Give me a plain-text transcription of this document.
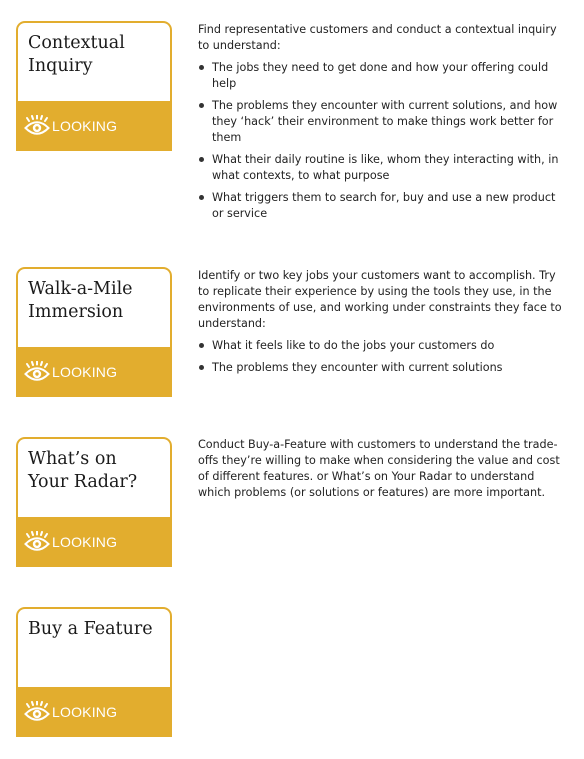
Contextual
Inquiry
LOOKING

Find representative customers and conduct a contextual inquiry to understand:

The jobs they need to get done and how your offering could help
The problems they encounter with current solutions, and how they ‘hack’ their environment to make things work better for them
What their daily routine is like, whom they interacting with, in what contexts, to what purpose
What triggers them to search for, buy and use a new product or service
Walk-a-Mile
Immersion
LOOKING

Identify or two key jobs your customers want to accomplish. Try to replicate their experience by using the tools they use, in the environments of use, and working under constraints they face to understand:

What it feels like to do the jobs your customers do
The problems they encounter with current solutions
What’s on
Your Radar?
LOOKING

Conduct Buy-a-Feature with customers to understand the trade-offs they’re willing to make when considering the value and cost of different features. or What’s on Your Radar to understand which problems (or solutions or features) are more important.

Buy a Feature
LOOKING
